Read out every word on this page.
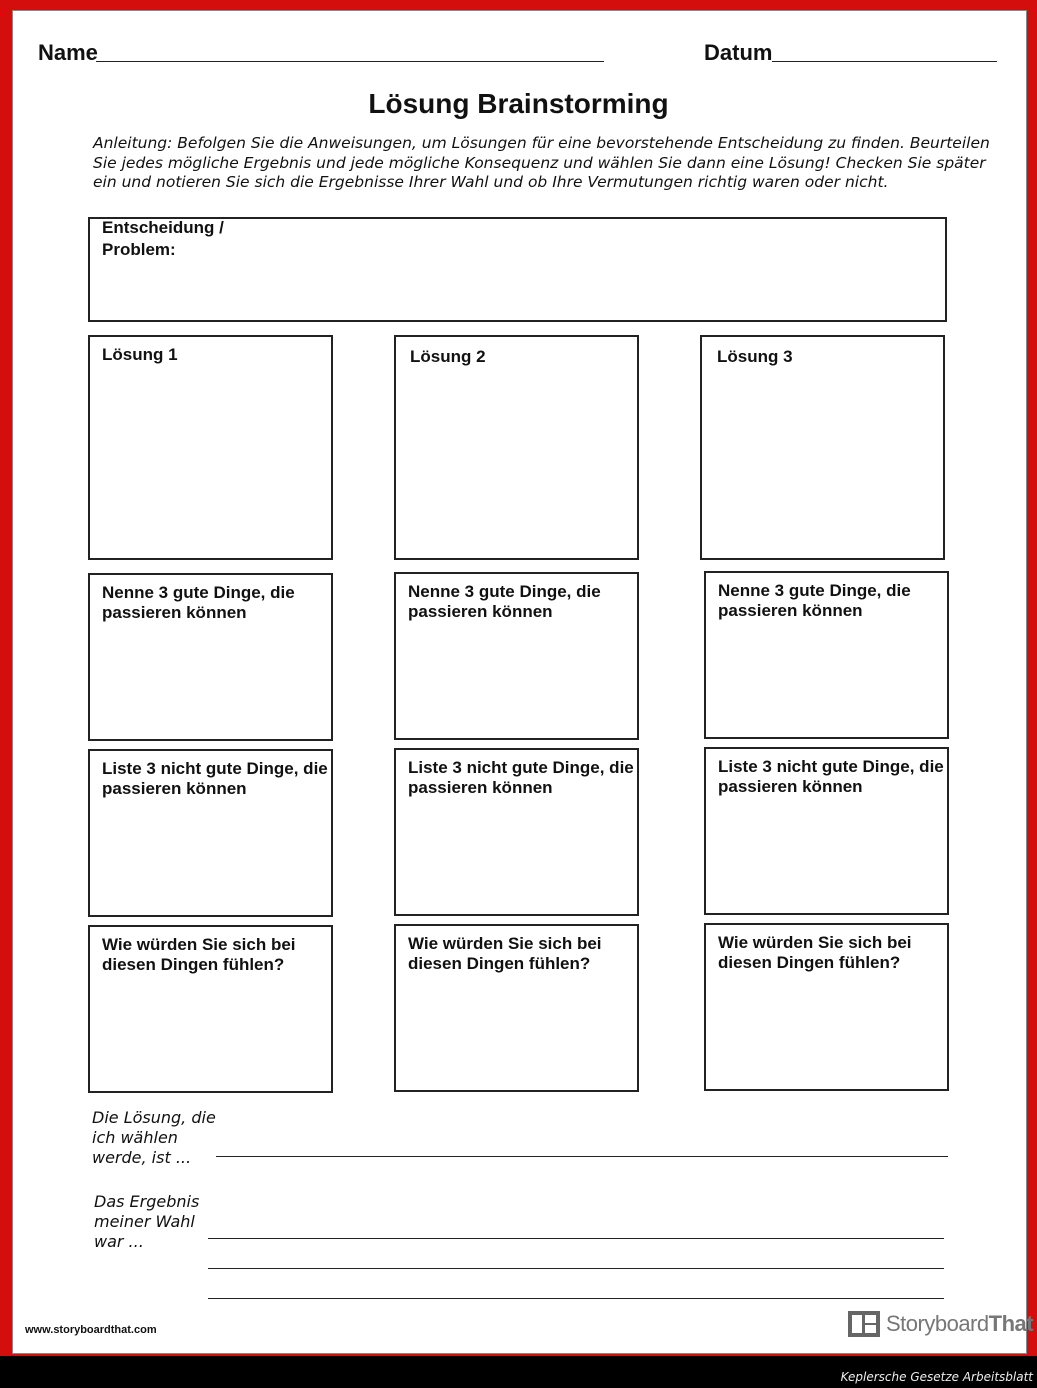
Name	Datum
Lösung Brainstorming
Anleitung: Befolgen Sie die Anweisungen, um Lösungen für eine bevorstehende Entscheidung zu finden. Beurteilen Sie jedes mögliche Ergebnis und jede mögliche Konsequenz und wählen Sie dann eine Lösung! Checken Sie später ein und notieren Sie sich die Ergebnisse Ihrer Wahl und ob Ihre Vermutungen richtig waren oder nicht.
Entscheidung /
Problem:
Lösung 1
Nenne 3 gute Dinge, die
passieren können
Liste 3 nicht gute Dinge, die
passieren können
Wie würden Sie sich bei
diesen Dingen fühlen?
Lösung 2
Nenne 3 gute Dinge, die
passieren können
Liste 3 nicht gute Dinge, die
passieren können
Wie würden Sie sich bei
diesen Dingen fühlen?
Lösung 3
Nenne 3 gute Dinge, die
passieren können
Liste 3 nicht gute Dinge, die
passieren können
Wie würden Sie sich bei
diesen Dingen fühlen?
Die Lösung, die
ich wählen
werde, ist ...
Das Ergebnis
meiner Wahl
war ...
www.storyboardthat.com	StoryboardThat
Keplersche Gesetze Arbeitsblatt
